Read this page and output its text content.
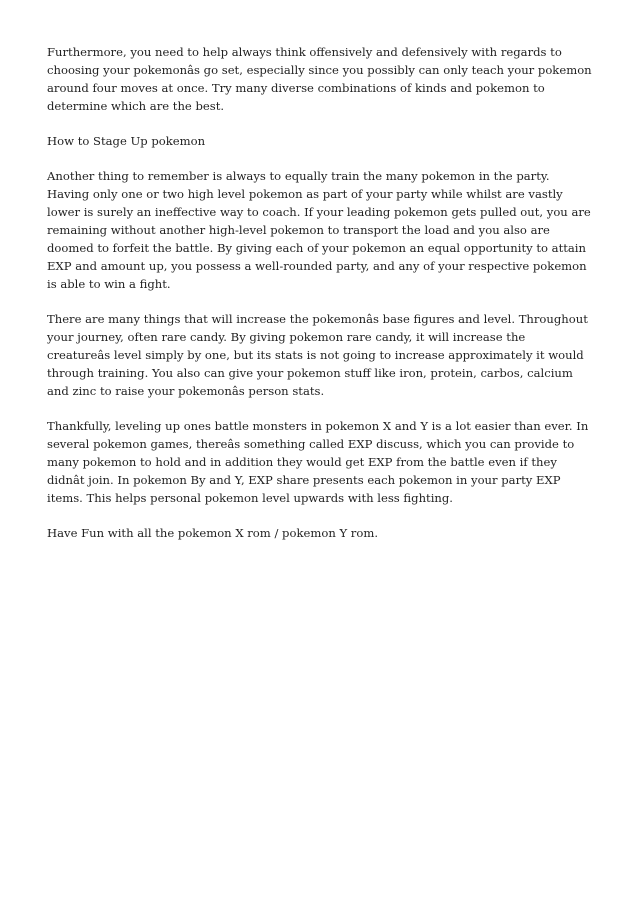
Furthermore, you need to help always think offensively and defensively with regards to choosing your pokemonâs go set, especially since you possibly can only teach your pokemon around four moves at once. Try many diverse combinations of kinds and pokemon to determine which are the best.

How to Stage Up pokemon

Another thing to remember is always to equally train the many pokemon in the party. Having only one or two high level pokemon as part of your party while whilst are vastly lower is surely an ineffective way to coach. If your leading pokemon gets pulled out, you are remaining without another high-level pokemon to transport the load and you also are doomed to forfeit the battle. By giving each of your pokemon an equal opportunity to attain EXP and amount up, you possess a well-rounded party, and any of your respective pokemon is able to win a fight.

There are many things that will increase the pokemonâs base figures and level. Throughout your journey, often rare candy. By giving pokemon rare candy, it will increase the creatureâs level simply by one, but its stats is not going to increase approximately it would through training. You also can give your pokemon stuff like iron, protein, carbos, calcium and zinc to raise your pokemonâs person stats.

Thankfully, leveling up ones battle monsters in pokemon X and Y is a lot easier than ever. In several pokemon games, thereâs something called EXP discuss, which you can provide to many pokemon to hold and in addition they would get EXP from the battle even if they didnât join. In pokemon By and Y, EXP share presents each pokemon in your party EXP items. This helps personal pokemon level upwards with less fighting.

Have Fun with all the pokemon X rom / pokemon Y rom.
